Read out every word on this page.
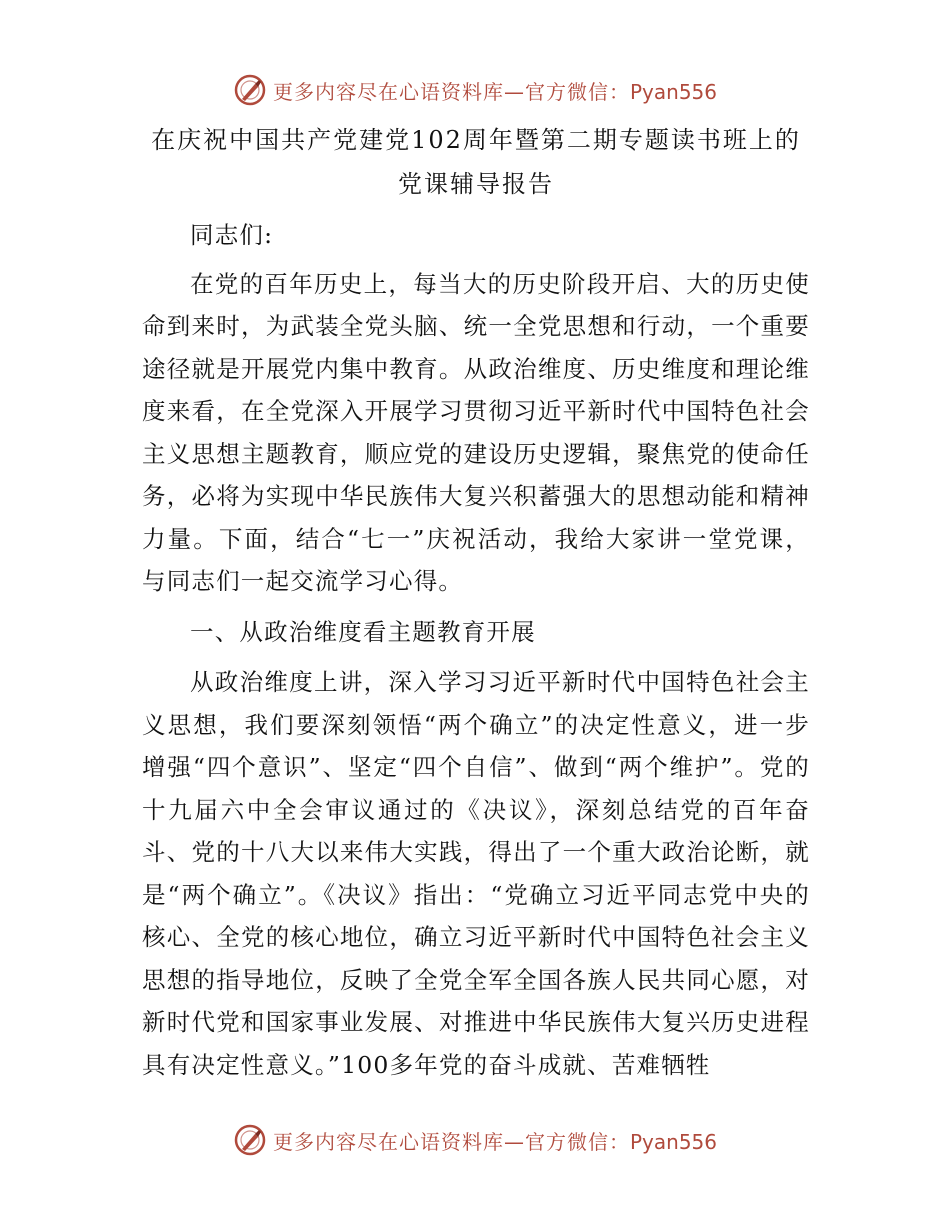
更多内容尽在心语资料库—官方微信：Pyan556
在庆祝中国共产党建党102周年暨第二期专题读书班上的党课辅导报告

同志们:

在党的百年历史上，每当大的历史阶段开启、大的历史使命到来时，为武装全党头脑、统一全党思想和行动，一个重要途径就是开展党内集中教育。从政治维度、历史维度和理论维度来看，在全党深入开展学习贯彻习近平新时代中国特色社会主义思想主题教育，顺应党的建设历史逻辑，聚焦党的使命任务，必将为实现中华民族伟大复兴积蓄强大的思想动能和精神力量。下面，结合“七一”庆祝活动，我给大家讲一堂党课，与同志们一起交流学习心得。

一、从政治维度看主题教育开展

从政治维度上讲，深入学习习近平新时代中国特色社会主义思想，我们要深刻领悟“两个确立”的决定性意义，进一步增强“四个意识”、坚定“四个自信”、做到“两个维护”。党的十九届六中全会审议通过的《决议》，深刻总结党的百年奋斗、党的十八大以来伟大实践，得出了一个重大政治论断，就是“两个确立”。《决议》指出：“党确立习近平同志党中央的核心、全党的核心地位，确立习近平新时代中国特色社会主义思想的指导地位，反映了全党全军全国各族人民共同心愿，对新时代党和国家事业发展、对推进中华民族伟大复兴历史进程具有决定性意义。”100多年党的奋斗成就、苦难牺牲

更多内容尽在心语资料库—官方微信：Pyan556
